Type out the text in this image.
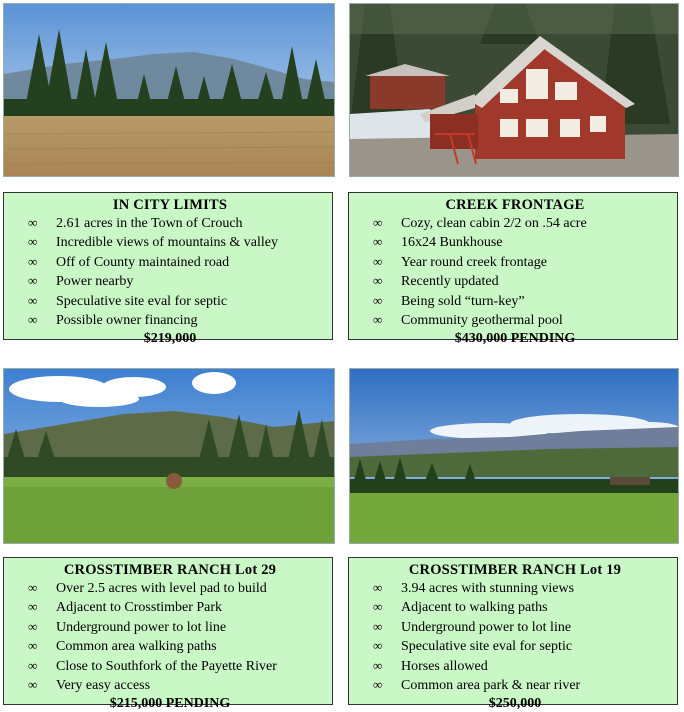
IN CITY LIMITS
∞ 2.61 acres in the Town of Crouch
∞ Incredible views of mountains & valley
∞ Off of County maintained road
∞ Power nearby
∞ Speculative site eval for septic
∞ Possible owner financing
$219,000
CREEK FRONTAGE
∞ Cozy, clean cabin 2/2 on .54 acre
∞ 16x24 Bunkhouse
∞ Year round creek frontage
∞ Recently updated
∞ Being sold “turn-key”
∞ Community geothermal pool
$430,000 PENDING
CROSSTIMBER RANCH Lot 29
∞ Over 2.5 acres with level pad to build
∞ Adjacent to Crosstimber Park
∞ Underground power to lot line
∞ Common area walking paths
∞ Close to Southfork of the Payette River
∞ Very easy access
$215,000 PENDING
CROSSTIMBER RANCH Lot 19
∞ 3.94 acres with stunning views
∞ Adjacent to walking paths
∞ Underground power to lot line
∞ Speculative site eval for septic
∞ Horses allowed
∞ Common area park & near river
$250,000
